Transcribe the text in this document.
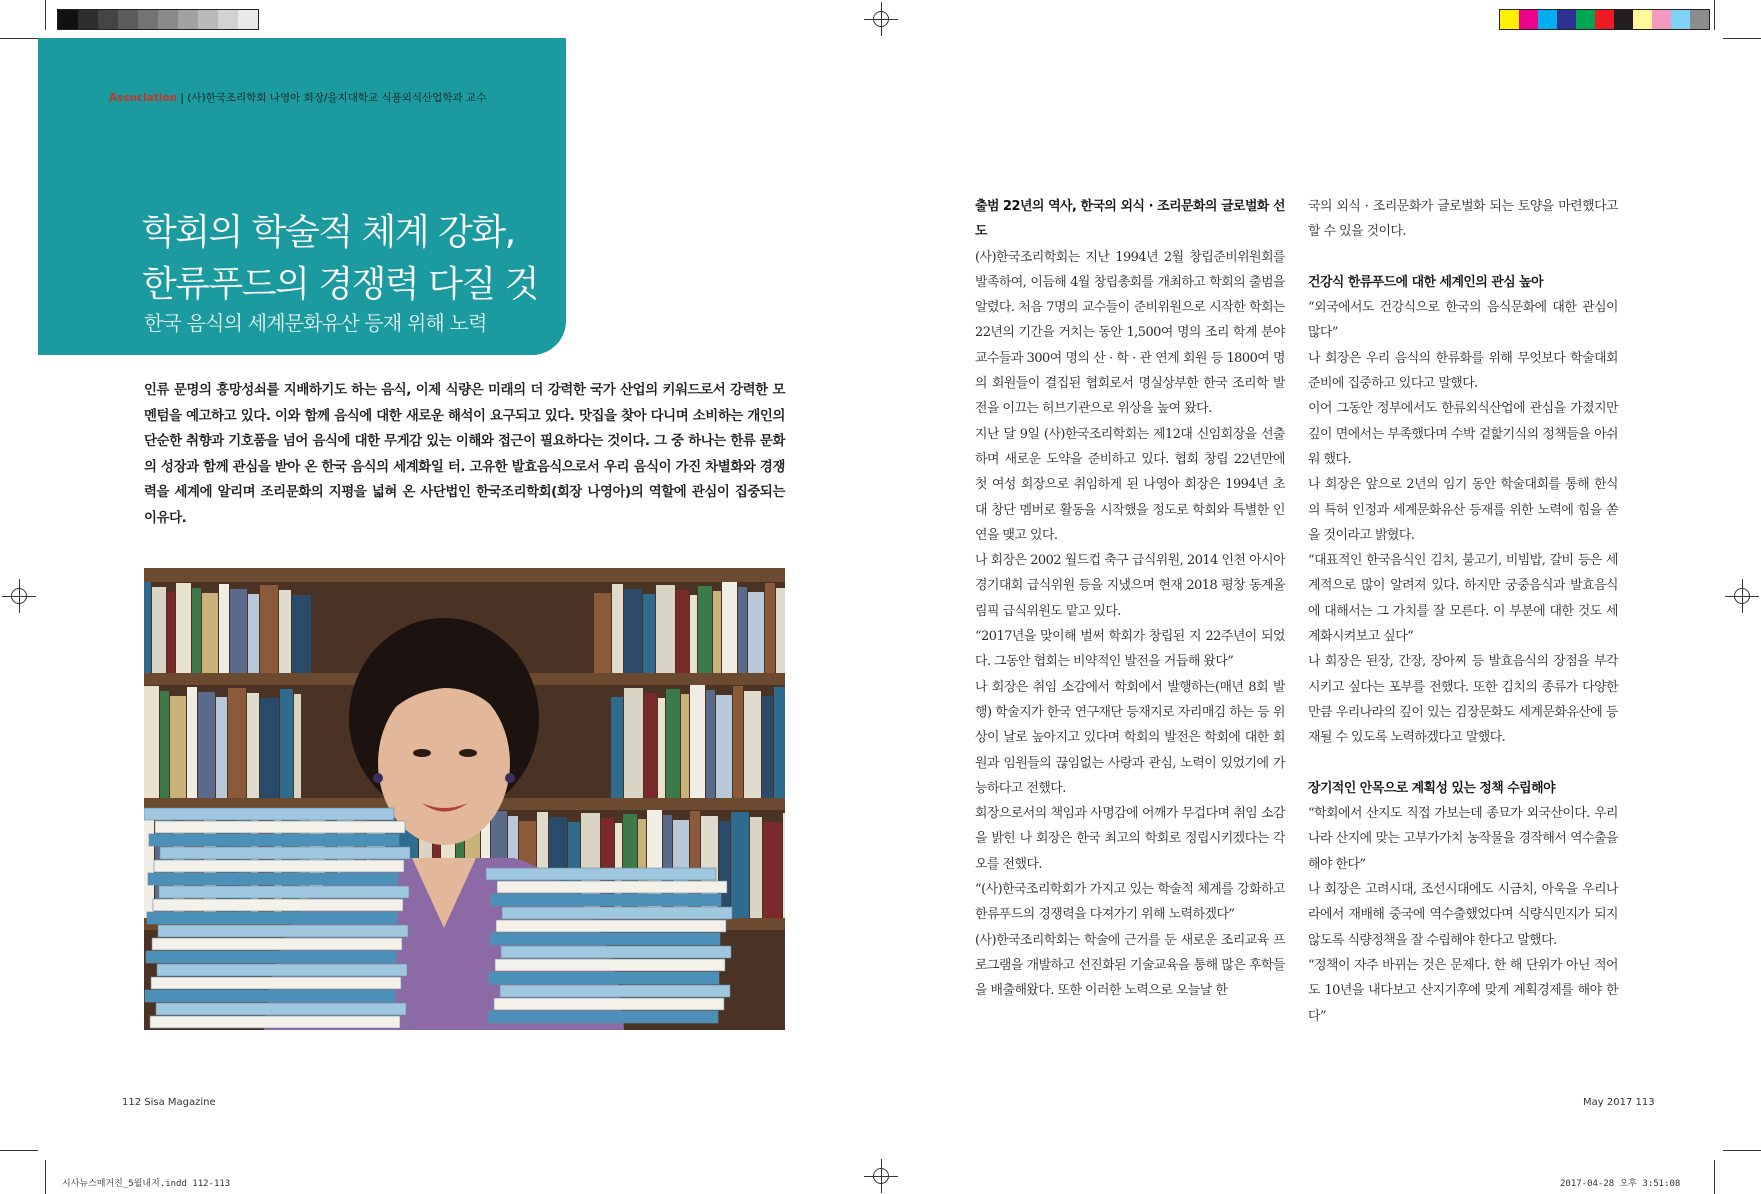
Association | (사)한국조리학회 나영아 회장/을지대학교 식품외식산업학과 교수
학회의 학술적 체계 강화,
한류푸드의 경쟁력 다질 것
한국 음식의 세계문화유산 등재 위해 노력
인류 문명의 흥망성쇠를 지배하기도 하는 음식, 이제 식량은 미래의 더 강력한 국가 산업의 키워드로서 강력한 모멘텀을 예고하고 있다. 이와 함께 음식에 대한 새로운 해석이 요구되고 있다. 맛집을 찾아 다니며 소비하는 개인의 단순한 취향과 기호품을 넘어 음식에 대한 무게감 있는 이해와 접근이 필요하다는 것이다. 그 중 하나는 한류 문화의 성장과 함께 관심을 받아 온 한국 음식의 세계화일 터. 고유한 발효음식으로서 우리 음식이 가진 차별화와 경쟁력을 세계에 알리며 조리문화의 지평을 넓혀 온 사단법인 한국조리학회(회장 나영아)의 역할에 관심이 집중되는 이유다.

출범 22년의 역사, 한국의 외식 · 조리문화의 글로벌화 선도

(사)한국조리학회는 지난 1994년 2월 창립준비위원회를 발족하여, 이듬해 4월 창립총회를 개최하고 학회의 출범을 알렸다. 처음 7명의 교수들이 준비위원으로 시작한 학회는 22년의 기간을 거치는 동안 1,500여 명의 조리 학계 분야 교수들과 300여 명의 산 · 학 · 관 연계 회원 등 1800여 명의 회원들이 결집된 협회로서 명실상부한 한국 조리학 발전을 이끄는 허브기관으로 위상을 높여 왔다.

지난 달 9일 (사)한국조리학회는 제12대 신임회장을 선출하며 새로운 도약을 준비하고 있다. 협회 창립 22년만에 첫 여성 회장으로 취임하게 된 나영아 회장은 1994년 초대 창단 멤버로 활동을 시작했을 정도로 학회와 특별한 인연을 맺고 있다.

나 회장은 2002 월드컵 축구 급식위원, 2014 인천 아시아 경기대회 급식위원 등을 지냈으며 현재 2018 평창 동계올림픽 급식위원도 맡고 있다.

“2017년을 맞이해 벌써 학회가 창립된 지 22주년이 되었다. 그동안 협회는 비약적인 발전을 거듭해 왔다”

나 회장은 취임 소감에서 학회에서 발행하는(매년 8회 발행) 학술지가 한국 연구재단 등재지로 자리매김 하는 등 위상이 날로 높아지고 있다며 학회의 발전은 학회에 대한 회원과 임원들의 끊임없는 사랑과 관심, 노력이 있었기에 가능하다고 전했다.

회장으로서의 책임과 사명감에 어깨가 무겁다며 취임 소감을 밝힌 나 회장은 한국 최고의 학회로 정립시키겠다는 각오를 전했다.

“(사)한국조리학회가 가지고 있는 학술적 체계를 강화하고 한류푸드의 경쟁력을 다져가기 위해 노력하겠다”

(사)한국조리학회는 학술에 근거를 둔 새로운 조리교육 프로그램을 개발하고 선진화된 기술교육을 통해 많은 후학들을 배출해왔다. 또한 이러한 노력으로 오늘날 한

국의 외식 · 조리문화가 글로벌화 되는 토양을 마련했다고 할 수 있을 것이다.

건강식 한류푸드에 대한 세계인의 관심 높아

“외국에서도 건강식으로 한국의 음식문화에 대한 관심이 많다”

나 회장은 우리 음식의 한류화를 위해 무엇보다 학술대회 준비에 집중하고 있다고 말했다.

이어 그동안 정부에서도 한류외식산업에 관심을 가졌지만 깊이 면에서는 부족했다며 수박 겉핥기식의 정책들을 아쉬워 했다.

나 회장은 앞으로 2년의 임기 동안 학술대회를 통해 한식의 특허 인정과 세계문화유산 등재를 위한 노력에 힘을 쏟을 것이라고 밝혔다.

“대표적인 한국음식인 김치, 불고기, 비빔밥, 갈비 등은 세계적으로 많이 알려져 있다. 하지만 궁중음식과 발효음식에 대해서는 그 가치를 잘 모른다. 이 부분에 대한 것도 세계화시켜보고 싶다”

나 회장은 된장, 간장, 장아찌 등 발효음식의 장점을 부각시키고 싶다는 포부를 전했다. 또한 김치의 종류가 다양한 만큼 우리나라의 깊이 있는 김장문화도 세계문화유산에 등재될 수 있도록 노력하겠다고 말했다.

장기적인 안목으로 계획성 있는 정책 수립해야

“학회에서 산지도 직접 가보는데 종묘가 외국산이다. 우리나라 산지에 맞는 고부가가치 농작물을 경작해서 역수출을 해야 한다”

나 회장은 고려시대, 조선시대에도 시금치, 아욱을 우리나라에서 재배해 중국에 역수출했었다며 식량식민지가 되지 않도록 식량정책을 잘 수립해야 한다고 말했다.

“정책이 자주 바뀌는 것은 문제다. 한 해 단위가 아닌 적어도 10년을 내다보고 산지기후에 맞게 계획경제를 해야 한다”

112 Sisa Magazine	May 2017 113
시사뉴스매거진_5월내지.indd 112-113	2017-04-28 오후 3:51:08
